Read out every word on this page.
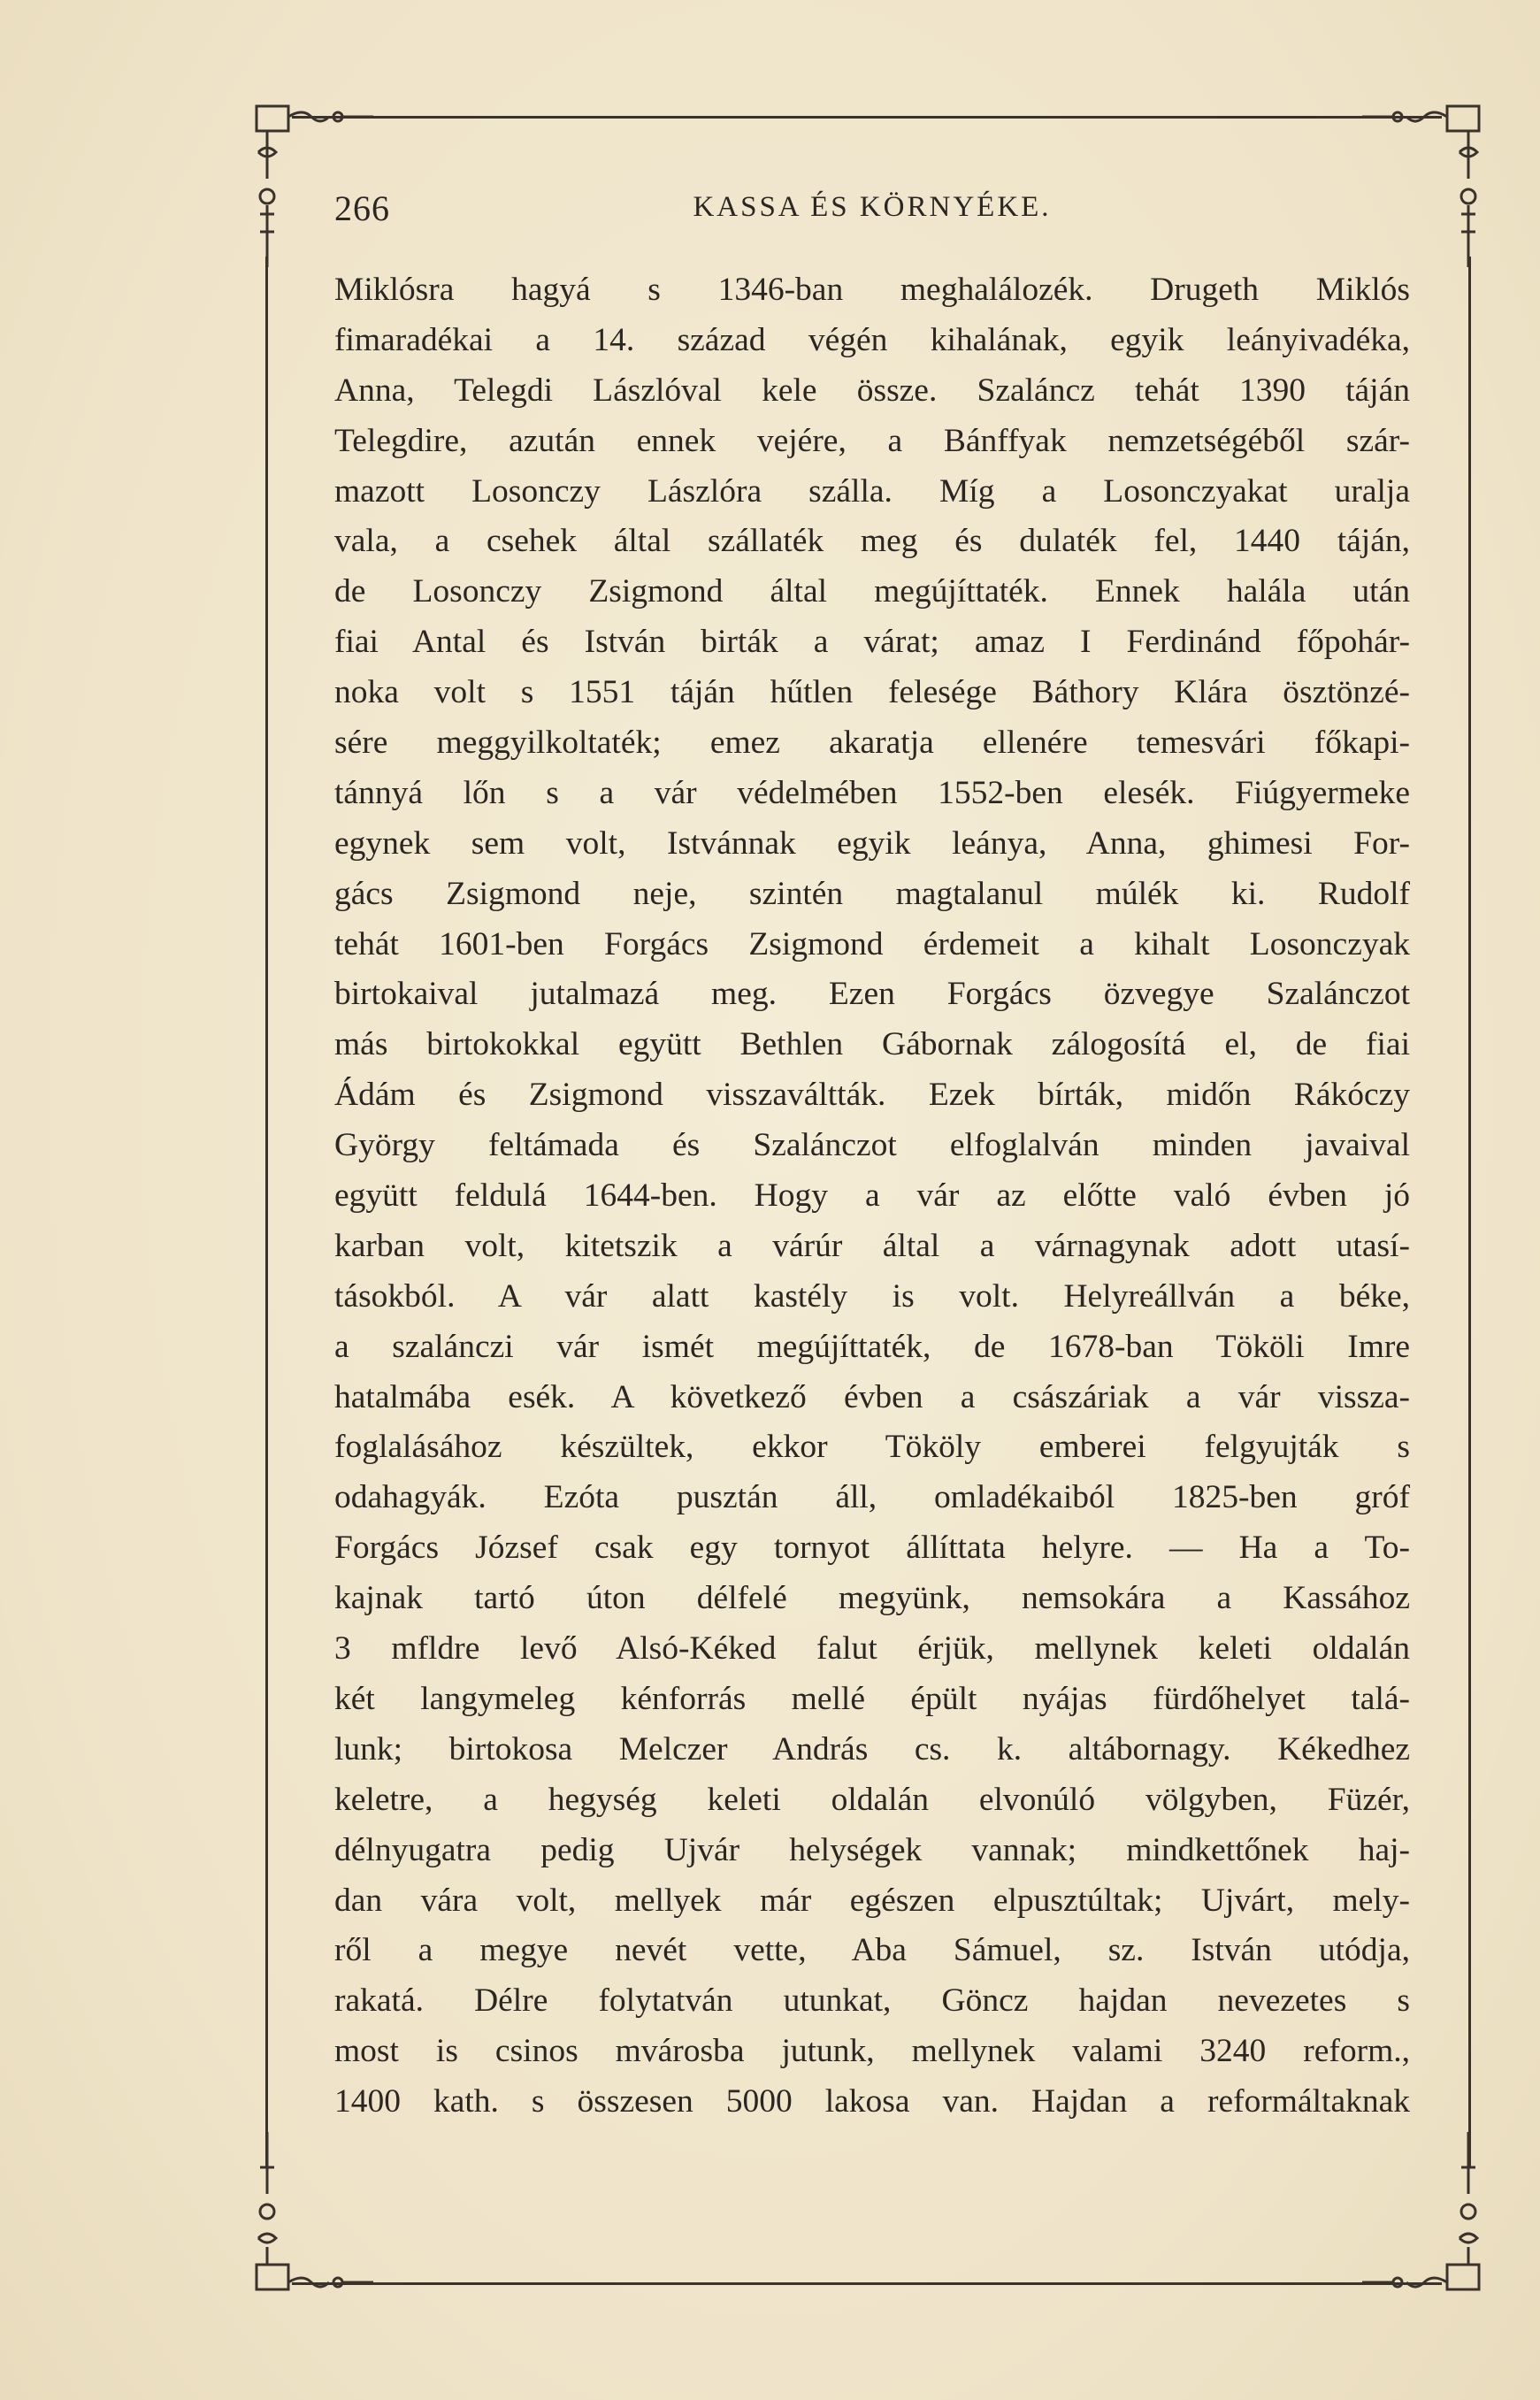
266	KASSA ÉS KÖRNYÉKE.
Miklósra hagyá s 1346-ban meghalálozék. Drugeth Miklós
fimaradékai a 14. század végén kihalának, egyik leányivadéka,
Anna, Telegdi Lászlóval kele össze. Szaláncz tehát 1390 táján
Telegdire, azután ennek vejére, a Bánffyak nemzetségéből szár-
mazott Losonczy Lászlóra szálla. Míg a Losonczyakat uralja
vala, a csehek által szállaték meg és dulaték fel, 1440 táján,
de Losonczy Zsigmond által megújíttaték. Ennek halála után
fiai Antal és István birták a várat; amaz I Ferdinánd főpohár-
noka volt s 1551 táján hűtlen felesége Báthory Klára ösztönzé-
sére meggyilkoltaték; emez akaratja ellenére temesvári főkapi-
tánnyá lőn s a vár védelmében 1552-ben elesék. Fiúgyermeke
egynek sem volt, Istvánnak egyik leánya, Anna, ghimesi For-
gács Zsigmond neje, szintén magtalanul múlék ki. Rudolf
tehát 1601-ben Forgács Zsigmond érdemeit a kihalt Losonczyak
birtokaival jutalmazá meg. Ezen Forgács özvegye Szalánczot
más birtokokkal együtt Bethlen Gábornak zálogosítá el, de fiai
Ádám és Zsigmond visszaváltták. Ezek bírták, midőn Rákóczy
György feltámada és Szalánczot elfoglalván minden javaival
együtt feldulá 1644-ben. Hogy a vár az előtte való évben jó
karban volt, kitetszik a várúr által a várnagynak adott utasí-
tásokból. A vár alatt kastély is volt. Helyreállván a béke,
a szalánczi vár ismét megújíttaték, de 1678-ban Tököli Imre
hatalmába esék. A következő évben a császáriak a vár vissza-
foglalásához készültek, ekkor Tököly emberei felgyujták s
odahagyák. Ezóta pusztán áll, omladékaiból 1825-ben gróf
Forgács József csak egy tornyot állíttata helyre. — Ha a To-
kajnak tartó úton délfelé megyünk, nemsokára a Kassához
3 mfldre levő Alsó-Kéked falut érjük, mellynek keleti oldalán
két langymeleg kénforrás mellé épült nyájas fürdőhelyet talá-
lunk; birtokosa Melczer András cs. k. altábornagy. Kékedhez
keletre, a hegység keleti oldalán elvonúló völgyben, Füzér,
délnyugatra pedig Ujvár helységek vannak; mindkettőnek haj-
dan vára volt, mellyek már egészen elpusztúltak; Ujvárt, mely-
ről a megye nevét vette, Aba Sámuel, sz. István utódja,
rakatá. Délre folytatván utunkat, Göncz hajdan nevezetes s
most is csinos mvárosba jutunk, mellynek valami 3240 reform.,
1400 kath. s összesen 5000 lakosa van. Hajdan a reformáltaknak
